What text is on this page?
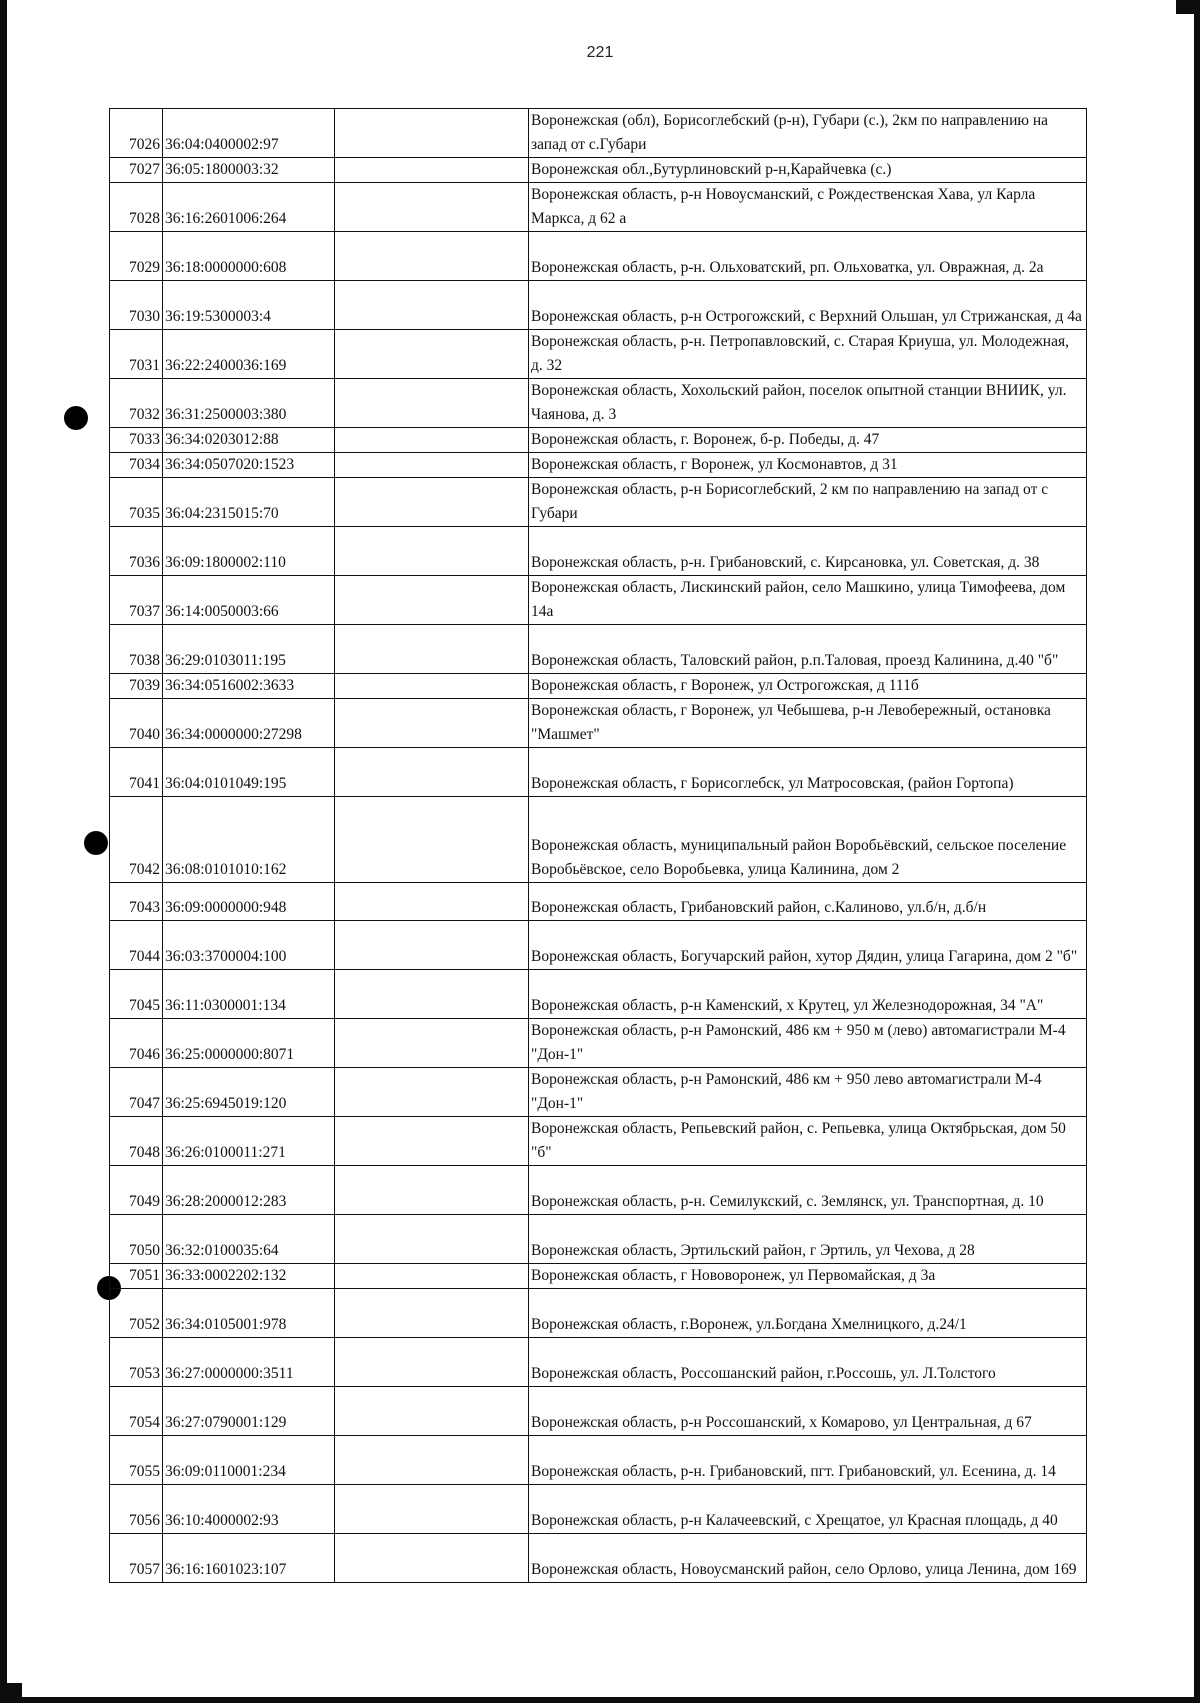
221
7026	36:04:0400002:97		Воронежская (обл), Борисоглебский (р-н), Губари (с.), 2км по направлению на запад от с.Губари
7027	36:05:1800003:32		Воронежская обл.,Бутурлиновский р-н,Карайчевка (с.)
7028	36:16:2601006:264		Воронежская область, р-н Новоусманский, с Рождественская Хава, ул Карла Маркса, д 62 а
7029	36:18:0000000:608		Воронежская область, р-н. Ольховатский, рп. Ольховатка, ул. Овражная, д. 2а
7030	36:19:5300003:4		Воронежская область, р-н Острогожский, с Верхний Ольшан, ул Стрижанская, д 4а
7031	36:22:2400036:169		Воронежская область, р-н. Петропавловский, с. Старая Криуша, ул. Молодежная, д. 32
7032	36:31:2500003:380		Воронежская область, Хохольский район, поселок опытной станции ВНИИК, ул. Чаянова, д. 3
7033	36:34:0203012:88		Воронежская область, г. Воронеж, б-р. Победы, д. 47
7034	36:34:0507020:1523		Воронежская область, г Воронеж, ул Космонавтов, д 31
7035	36:04:2315015:70		Воронежская область, р-н Борисоглебский, 2 км по направлению на запад от с Губари
7036	36:09:1800002:110		Воронежская область, р-н. Грибановский, с. Кирсановка, ул. Советская, д. 38
7037	36:14:0050003:66		Воронежская область, Лискинский район, село Машкино, улица Тимофеева, дом 14а
7038	36:29:0103011:195		Воронежская область, Таловский район, р.п.Таловая, проезд Калинина, д.40 "б"
7039	36:34:0516002:3633		Воронежская область, г Воронеж, ул Острогожская, д 111б
7040	36:34:0000000:27298		Воронежская область, г Воронеж, ул Чебышева, р-н Левобережный, остановка "Машмет"
7041	36:04:0101049:195		Воронежская область, г Борисоглебск, ул Матросовская, (район Гортопа)
7042	36:08:0101010:162		Воронежская область, муниципальный район Воробьёвский, сельское поселение Воробьёвское, село Воробьевка, улица Калинина, дом 2
7043	36:09:0000000:948		Воронежская область, Грибановский район, с.Калиново, ул.б/н, д.б/н
7044	36:03:3700004:100		Воронежская область, Богучарский район, хутор Дядин, улица Гагарина, дом 2 "б"
7045	36:11:0300001:134		Воронежская область, р-н Каменский, х Крутец, ул Железнодорожная, 34 "А"
7046	36:25:0000000:8071		Воронежская область, р-н Рамонский, 486 км + 950 м (лево) автомагистрали М-4 "Дон-1"
7047	36:25:6945019:120		Воронежская область, р-н Рамонский, 486 км + 950 лево автомагистрали М-4 "Дон-1"
7048	36:26:0100011:271		Воронежская область, Репьевский район, с. Репьевка, улица Октябрьская, дом 50 "б"
7049	36:28:2000012:283		Воронежская область, р-н. Семилукский, с. Землянск, ул. Транспортная, д. 10
7050	36:32:0100035:64		Воронежская область, Эртильский район, г Эртиль, ул Чехова, д 28
7051	36:33:0002202:132		Воронежская область, г Нововоронеж, ул Первомайская, д 3а
7052	36:34:0105001:978		Воронежская область, г.Воронеж, ул.Богдана Хмелницкого, д.24/1
7053	36:27:0000000:3511		Воронежская область, Россошанский район, г.Россошь, ул. Л.Толстого
7054	36:27:0790001:129		Воронежская область, р-н Россошанский, х Комарово, ул Центральная, д 67
7055	36:09:0110001:234		Воронежская область, р-н. Грибановский, пгт. Грибановский, ул. Есенина, д. 14
7056	36:10:4000002:93		Воронежская область, р-н Калачеевский, с Хрещатое, ул Красная площадь, д 40
7057	36:16:1601023:107		Воронежская область, Новоусманский район, село Орлово, улица Ленина, дом 169
